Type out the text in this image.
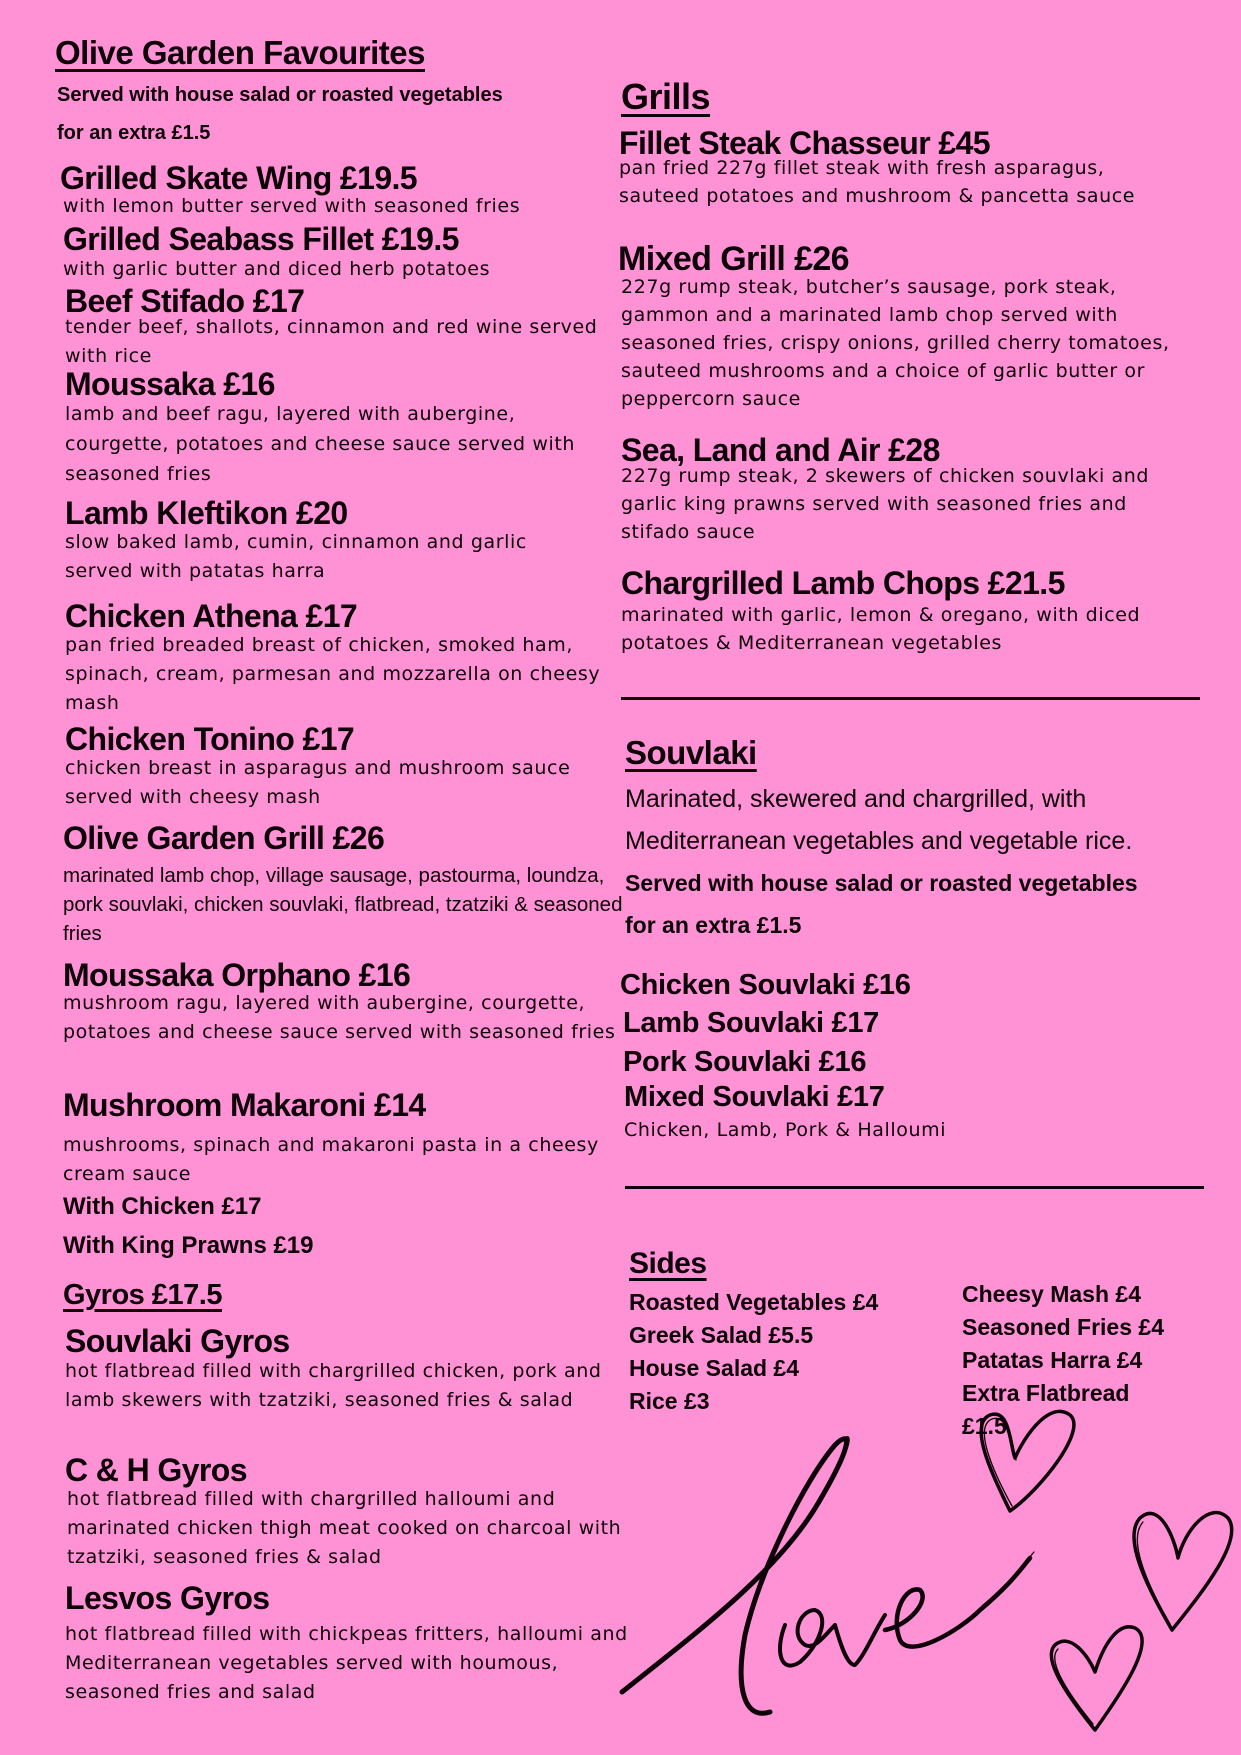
Olive Garden Favourites
Served with house salad or roasted vegetables
for an extra £1.5
Grilled Skate Wing £19.5
with lemon butter served with seasoned fries
Grilled Seabass Fillet £19.5
with garlic butter and diced herb potatoes
Beef Stifado £17
tender beef, shallots, cinnamon and red wine served with rice
Moussaka £16
lamb and beef ragu, layered with aubergine, courgette, potatoes and cheese sauce served with seasoned fries
Lamb Kleftikon £20
slow baked lamb, cumin, cinnamon and garlic served with patatas harra
Chicken Athena £17
pan fried breaded breast of chicken, smoked ham, spinach, cream, parmesan and mozzarella on cheesy mash
Chicken Tonino £17
chicken breast in asparagus and mushroom sauce served with cheesy mash
Olive Garden Grill £26
marinated lamb chop, village sausage, pastourma, loundza, pork souvlaki, chicken souvlaki, flatbread, tzatziki & seasoned fries
Moussaka Orphano £16
mushroom ragu, layered with aubergine, courgette, potatoes and cheese sauce served with seasoned fries
Mushroom Makaroni £14
mushrooms, spinach and makaroni pasta in a cheesy cream sauce
With Chicken £17
With King Prawns £19
Gyros £17.5
Souvlaki Gyros
hot flatbread filled with chargrilled chicken, pork and lamb skewers with tzatziki, seasoned fries & salad
C & H Gyros
hot flatbread filled with chargrilled halloumi and marinated chicken thigh meat cooked on charcoal with tzatziki, seasoned fries & salad
Lesvos Gyros
hot flatbread filled with chickpeas fritters, halloumi and Mediterranean vegetables served with houmous, seasoned fries and salad
Grills
Fillet Steak Chasseur £45
pan fried 227g fillet steak with fresh asparagus, sauteed potatoes and mushroom & pancetta sauce
Mixed Grill £26
227g rump steak, butcher’s sausage, pork steak, gammon and a marinated lamb chop served with seasoned fries, crispy onions, grilled cherry tomatoes, sauteed mushrooms and a choice of garlic butter or peppercorn sauce
Sea, Land and Air £28
227g rump steak, 2 skewers of chicken souvlaki and garlic king prawns served with seasoned fries and stifado sauce
Chargrilled Lamb Chops £21.5
marinated with garlic, lemon & oregano, with diced potatoes & Mediterranean vegetables
Souvlaki
Marinated, skewered and chargrilled, with Mediterranean vegetables and vegetable rice. Served with house salad or roasted vegetables for an extra £1.5
Chicken Souvlaki £16
Lamb Souvlaki £17
Pork Souvlaki £16
Mixed Souvlaki £17
Chicken, Lamb, Pork & Halloumi
Sides
Roasted Vegetables £4
Greek Salad £5.5
House Salad £4
Rice £3
Cheesy Mash £4
Seasoned Fries £4
Patatas Harra £4
Extra Flatbread
£1.5
